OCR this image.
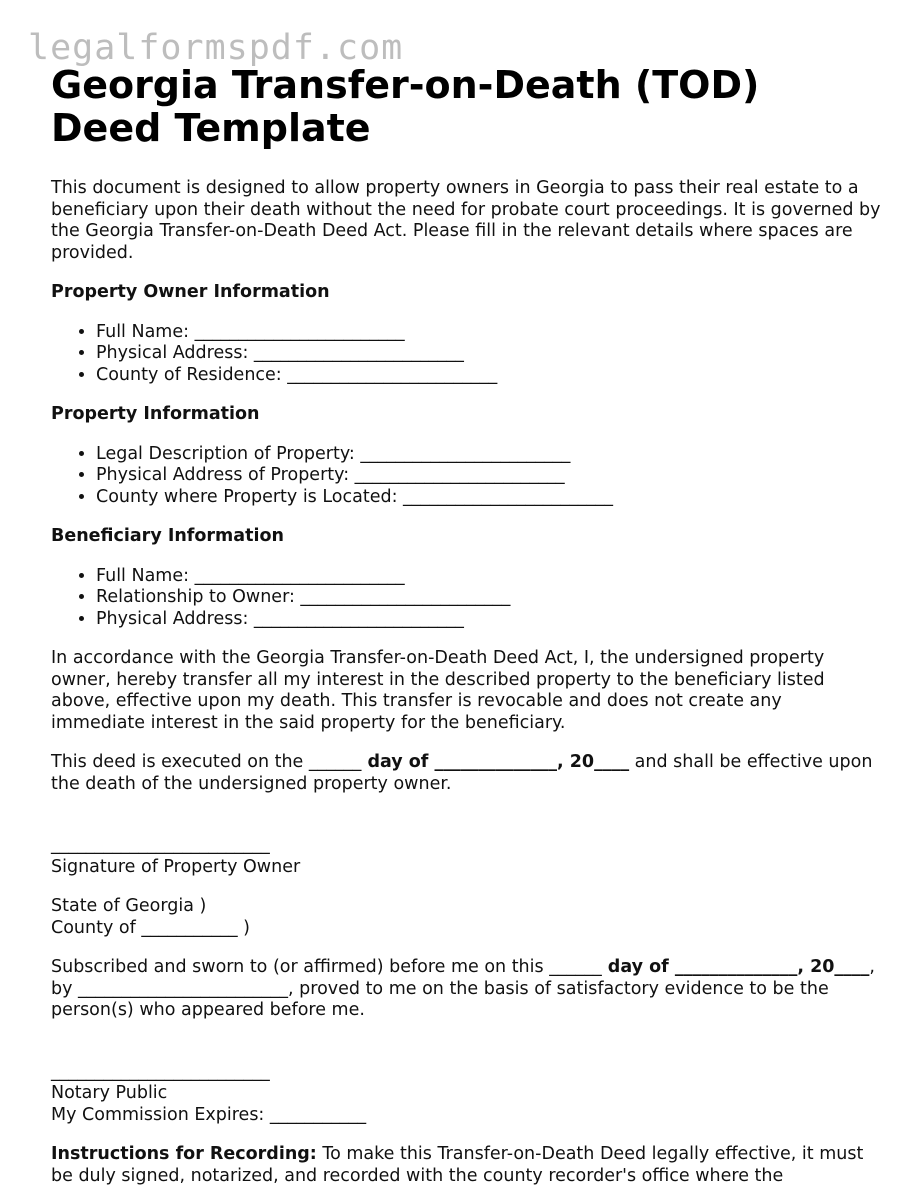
legalformspdf.com
Georgia Transfer-on-Death (TOD) Deed Template

This document is designed to allow property owners in Georgia to pass their real estate to a beneficiary upon their death without the need for probate court proceedings. It is governed by the Georgia Transfer-on-Death Deed Act. Please fill in the relevant details where spaces are provided.

Property Owner Information

• Full Name: ________________________
• Physical Address: ________________________
• County of Residence: ________________________

Property Information

• Legal Description of Property: ________________________
• Physical Address of Property: ________________________
• County where Property is Located: ________________________

Beneficiary Information

• Full Name: ________________________
• Relationship to Owner: ________________________
• Physical Address: ________________________

In accordance with the Georgia Transfer-on-Death Deed Act, I, the undersigned property owner, hereby transfer all my interest in the described property to the beneficiary listed above, effective upon my death. This transfer is revocable and does not create any immediate interest in the said property for the beneficiary.

This deed is executed on the ______ day of ______________, 20____ and shall be effective upon the death of the undersigned property owner.

_________________________
Signature of Property Owner

State of Georgia )
County of ___________ )

Subscribed and sworn to (or affirmed) before me on this ______ day of ______________, 20____, by ________________________, proved to me on the basis of satisfactory evidence to be the person(s) who appeared before me.

_________________________
Notary Public
My Commission Expires: ___________

Instructions for Recording: To make this Transfer-on-Death Deed legally effective, it must be duly signed, notarized, and recorded with the county recorder's office where the
